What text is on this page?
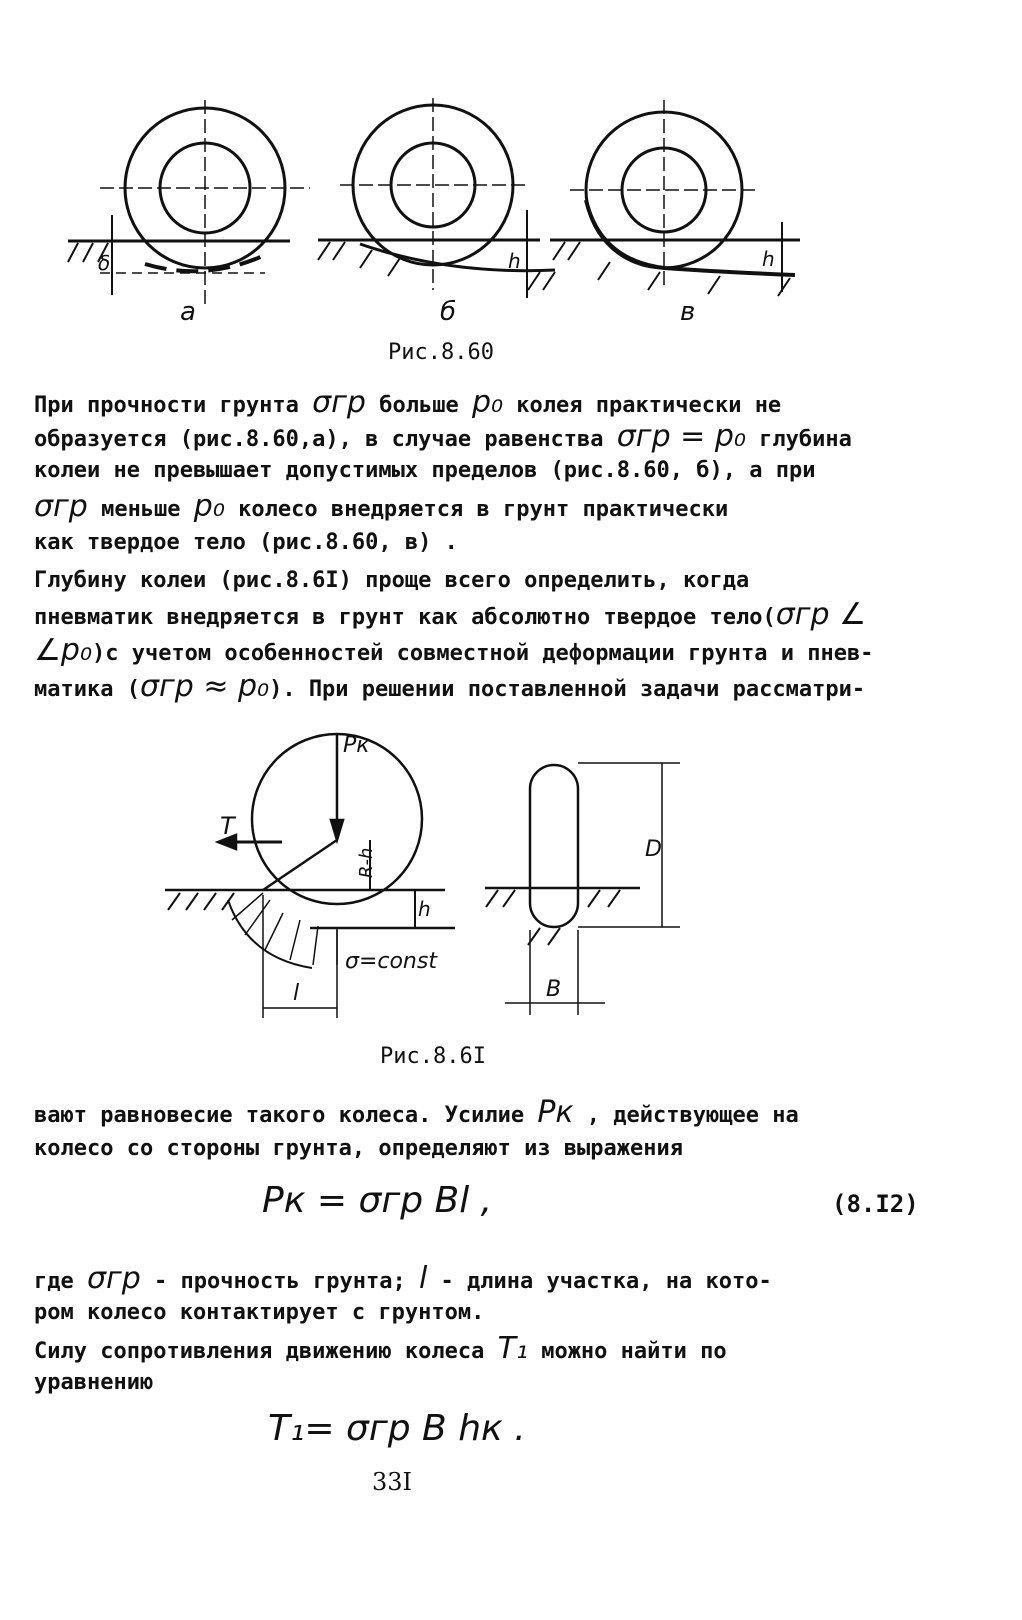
а	б	в
δ	h	h
Рис.8.60
При прочности грунта σгр больше p₀ колея практически не
образуется (рис.8.60,а), в случае равенства σгр = p₀ глубина
колеи не превышает допустимых пределов (рис.8.60, б), а при
σгр меньше p₀ колесо внедряется в грунт практически
как твердое тело (рис.8.60, в) .
Глубину колеи (рис.8.6I) проще всего определить, когда
пневматик внедряется в грунт как абсолютно твердое тело(σгр ∠
∠p₀)с учетом особенностей совместной деформации грунта и пнев-
матика (σгр ≈ p₀). При решении поставленной задачи рассматри-
Pк
T
R-h
h
σ=const
l
D
B
Рис.8.6I
вают равновесие такого колеса. Усилие Pк , действующее на
колесо со стороны грунта, определяют из выражения
Pк = σгр Bl ,	(8.I2)
где σгр - прочность грунта; l - длина участка, на кото-
ром колесо контактирует с грунтом.
Силу сопротивления движению колеса T₁ можно найти по
уравнению
T₁= σгр B hк .
33I
